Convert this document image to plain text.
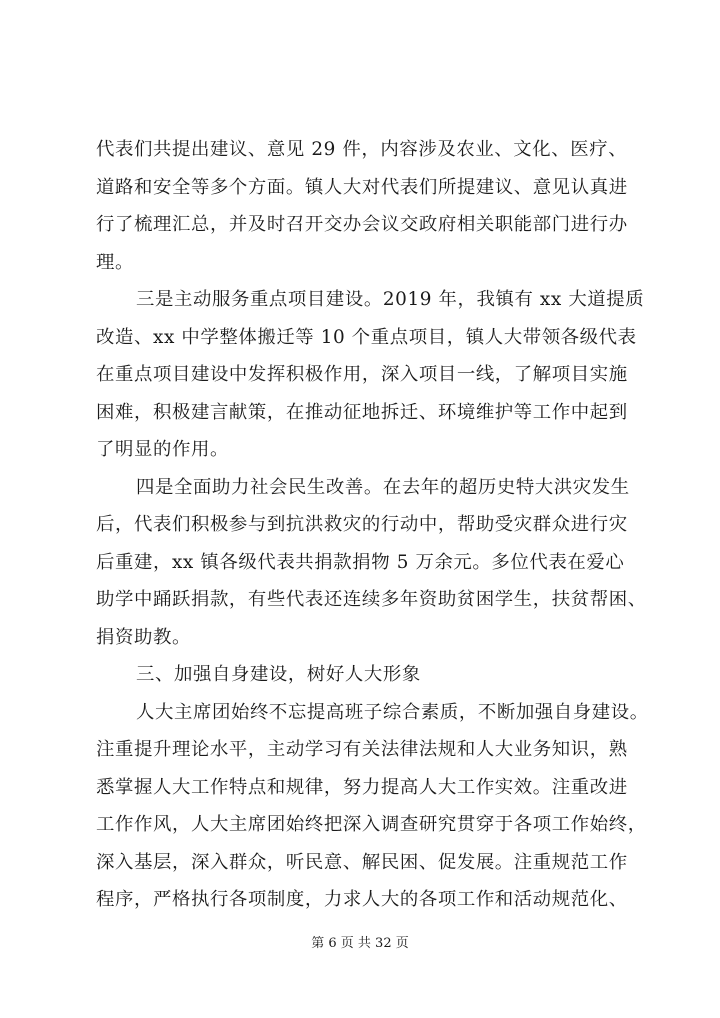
代表们共提出建议、意见 29 件，内容涉及农业、文化、医疗、
道路和安全等多个方面。镇人大对代表们所提建议、意见认真进
行了梳理汇总，并及时召开交办会议交政府相关职能部门进行办
理。
三是主动服务重点项目建设。2019 年，我镇有 xx 大道提质
改造、xx 中学整体搬迁等 10 个重点项目，镇人大带领各级代表
在重点项目建设中发挥积极作用，深入项目一线，了解项目实施
困难，积极建言献策，在推动征地拆迁、环境维护等工作中起到
了明显的作用。
四是全面助力社会民生改善。在去年的超历史特大洪灾发生
后，代表们积极参与到抗洪救灾的行动中，帮助受灾群众进行灾
后重建，xx 镇各级代表共捐款捐物 5 万余元。多位代表在爱心
助学中踊跃捐款，有些代表还连续多年资助贫困学生，扶贫帮困、
捐资助教。
三、加强自身建设，树好人大形象
人大主席团始终不忘提高班子综合素质，不断加强自身建设。
注重提升理论水平，主动学习有关法律法规和人大业务知识，熟
悉掌握人大工作特点和规律，努力提高人大工作实效。注重改进
工作作风，人大主席团始终把深入调查研究贯穿于各项工作始终，
深入基层，深入群众，听民意、解民困、促发展。注重规范工作
程序，严格执行各项制度，力求人大的各项工作和活动规范化、
第 6 页 共 32 页
